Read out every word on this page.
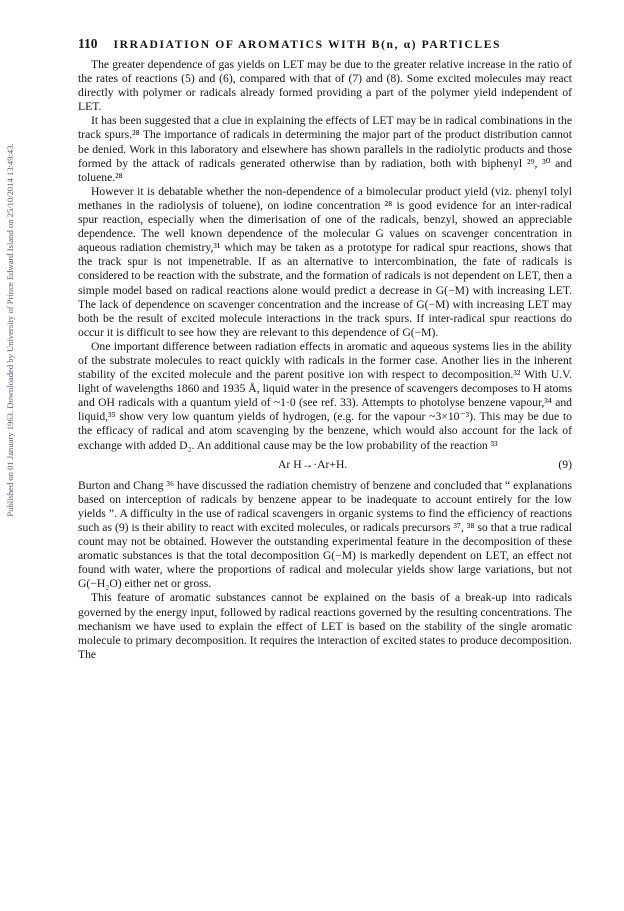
Published on 01 January 1963. Downloaded by University of Prince Edward Island on 25/10/2014 13:49:43.
110 IRRADIATION OF AROMATICS WITH B(n, α) PARTICLES

The greater dependence of gas yields on LET may be due to the greater relative increase in the ratio of the rates of reactions (5) and (6), compared with that of (7) and (8). Some excited molecules may react directly with polymer or radicals already formed providing a part of the polymer yield independent of LET.

It has been suggested that a clue in explaining the effects of LET may be in radical combinations in the track spurs.²⁸ The importance of radicals in determining the major part of the product distribution cannot be denied. Work in this laboratory and elsewhere has shown parallels in the radiolytic products and those formed by the attack of radicals generated otherwise than by radiation, both with biphenyl ²⁹, ³⁰ and toluene.²⁸

However it is debatable whether the non-dependence of a bimolecular product yield (viz. phenyl tolyl methanes in the radiolysis of toluene), on iodine concentration ²⁸ is good evidence for an inter-radical spur reaction, especially when the dimerisation of one of the radicals, benzyl, showed an appreciable dependence. The well known dependence of the molecular G values on scavenger concentration in aqueous radiation chemistry,³¹ which may be taken as a prototype for radical spur reactions, shows that the track spur is not impenetrable. If as an alternative to intercombination, the fate of radicals is considered to be reaction with the substrate, and the formation of radicals is not dependent on LET, then a simple model based on radical reactions alone would predict a decrease in G(−M) with increasing LET. The lack of dependence on scavenger concentration and the increase of G(−M) with increasing LET may both be the result of excited molecule interactions in the track spurs. If inter-radical spur reactions do occur it is difficult to see how they are relevant to this dependence of G(−M).

One important difference between radiation effects in aromatic and aqueous systems lies in the ability of the substrate molecules to react quickly with radicals in the former case. Another lies in the inherent stability of the excited molecule and the parent positive ion with respect to decomposition.³² With U.V. light of wavelengths 1860 and 1935 Å, liquid water in the presence of scavengers decomposes to H atoms and OH radicals with a quantum yield of ~1·0 (see ref. 33). Attempts to photolyse benzene vapour,³⁴ and liquid,³⁵ show very low quantum yields of hydrogen, (e.g. for the vapour ~3×10⁻³). This may be due to the efficacy of radical and atom scavenging by the benzene, which would also account for the lack of exchange with added D₂. An additional cause may be the low probability of the reaction ³³

Ar H→·Ar+H.	(9)

Burton and Chang ³⁶ have discussed the radiation chemistry of benzene and concluded that “ explanations based on interception of radicals by benzene appear to be inadequate to account entirely for the low yields ”. A difficulty in the use of radical scavengers in organic systems to find the efficiency of reactions such as (9) is their ability to react with excited molecules, or radicals precursors ³⁷, ³⁸ so that a true radical count may not be obtained. However the outstanding experimental feature in the decomposition of these aromatic substances is that the total decomposition G(−M) is markedly dependent on LET, an effect not found with water, where the proportions of radical and molecular yields show large variations, but not G(−H₂O) either net or gross.

This feature of aromatic substances cannot be explained on the basis of a break-up into radicals governed by the energy input, followed by radical reactions governed by the resulting concentrations. The mechanism we have used to explain the effect of LET is based on the stability of the single aromatic molecule to primary decomposition. It requires the interaction of excited states to produce decomposition. The
